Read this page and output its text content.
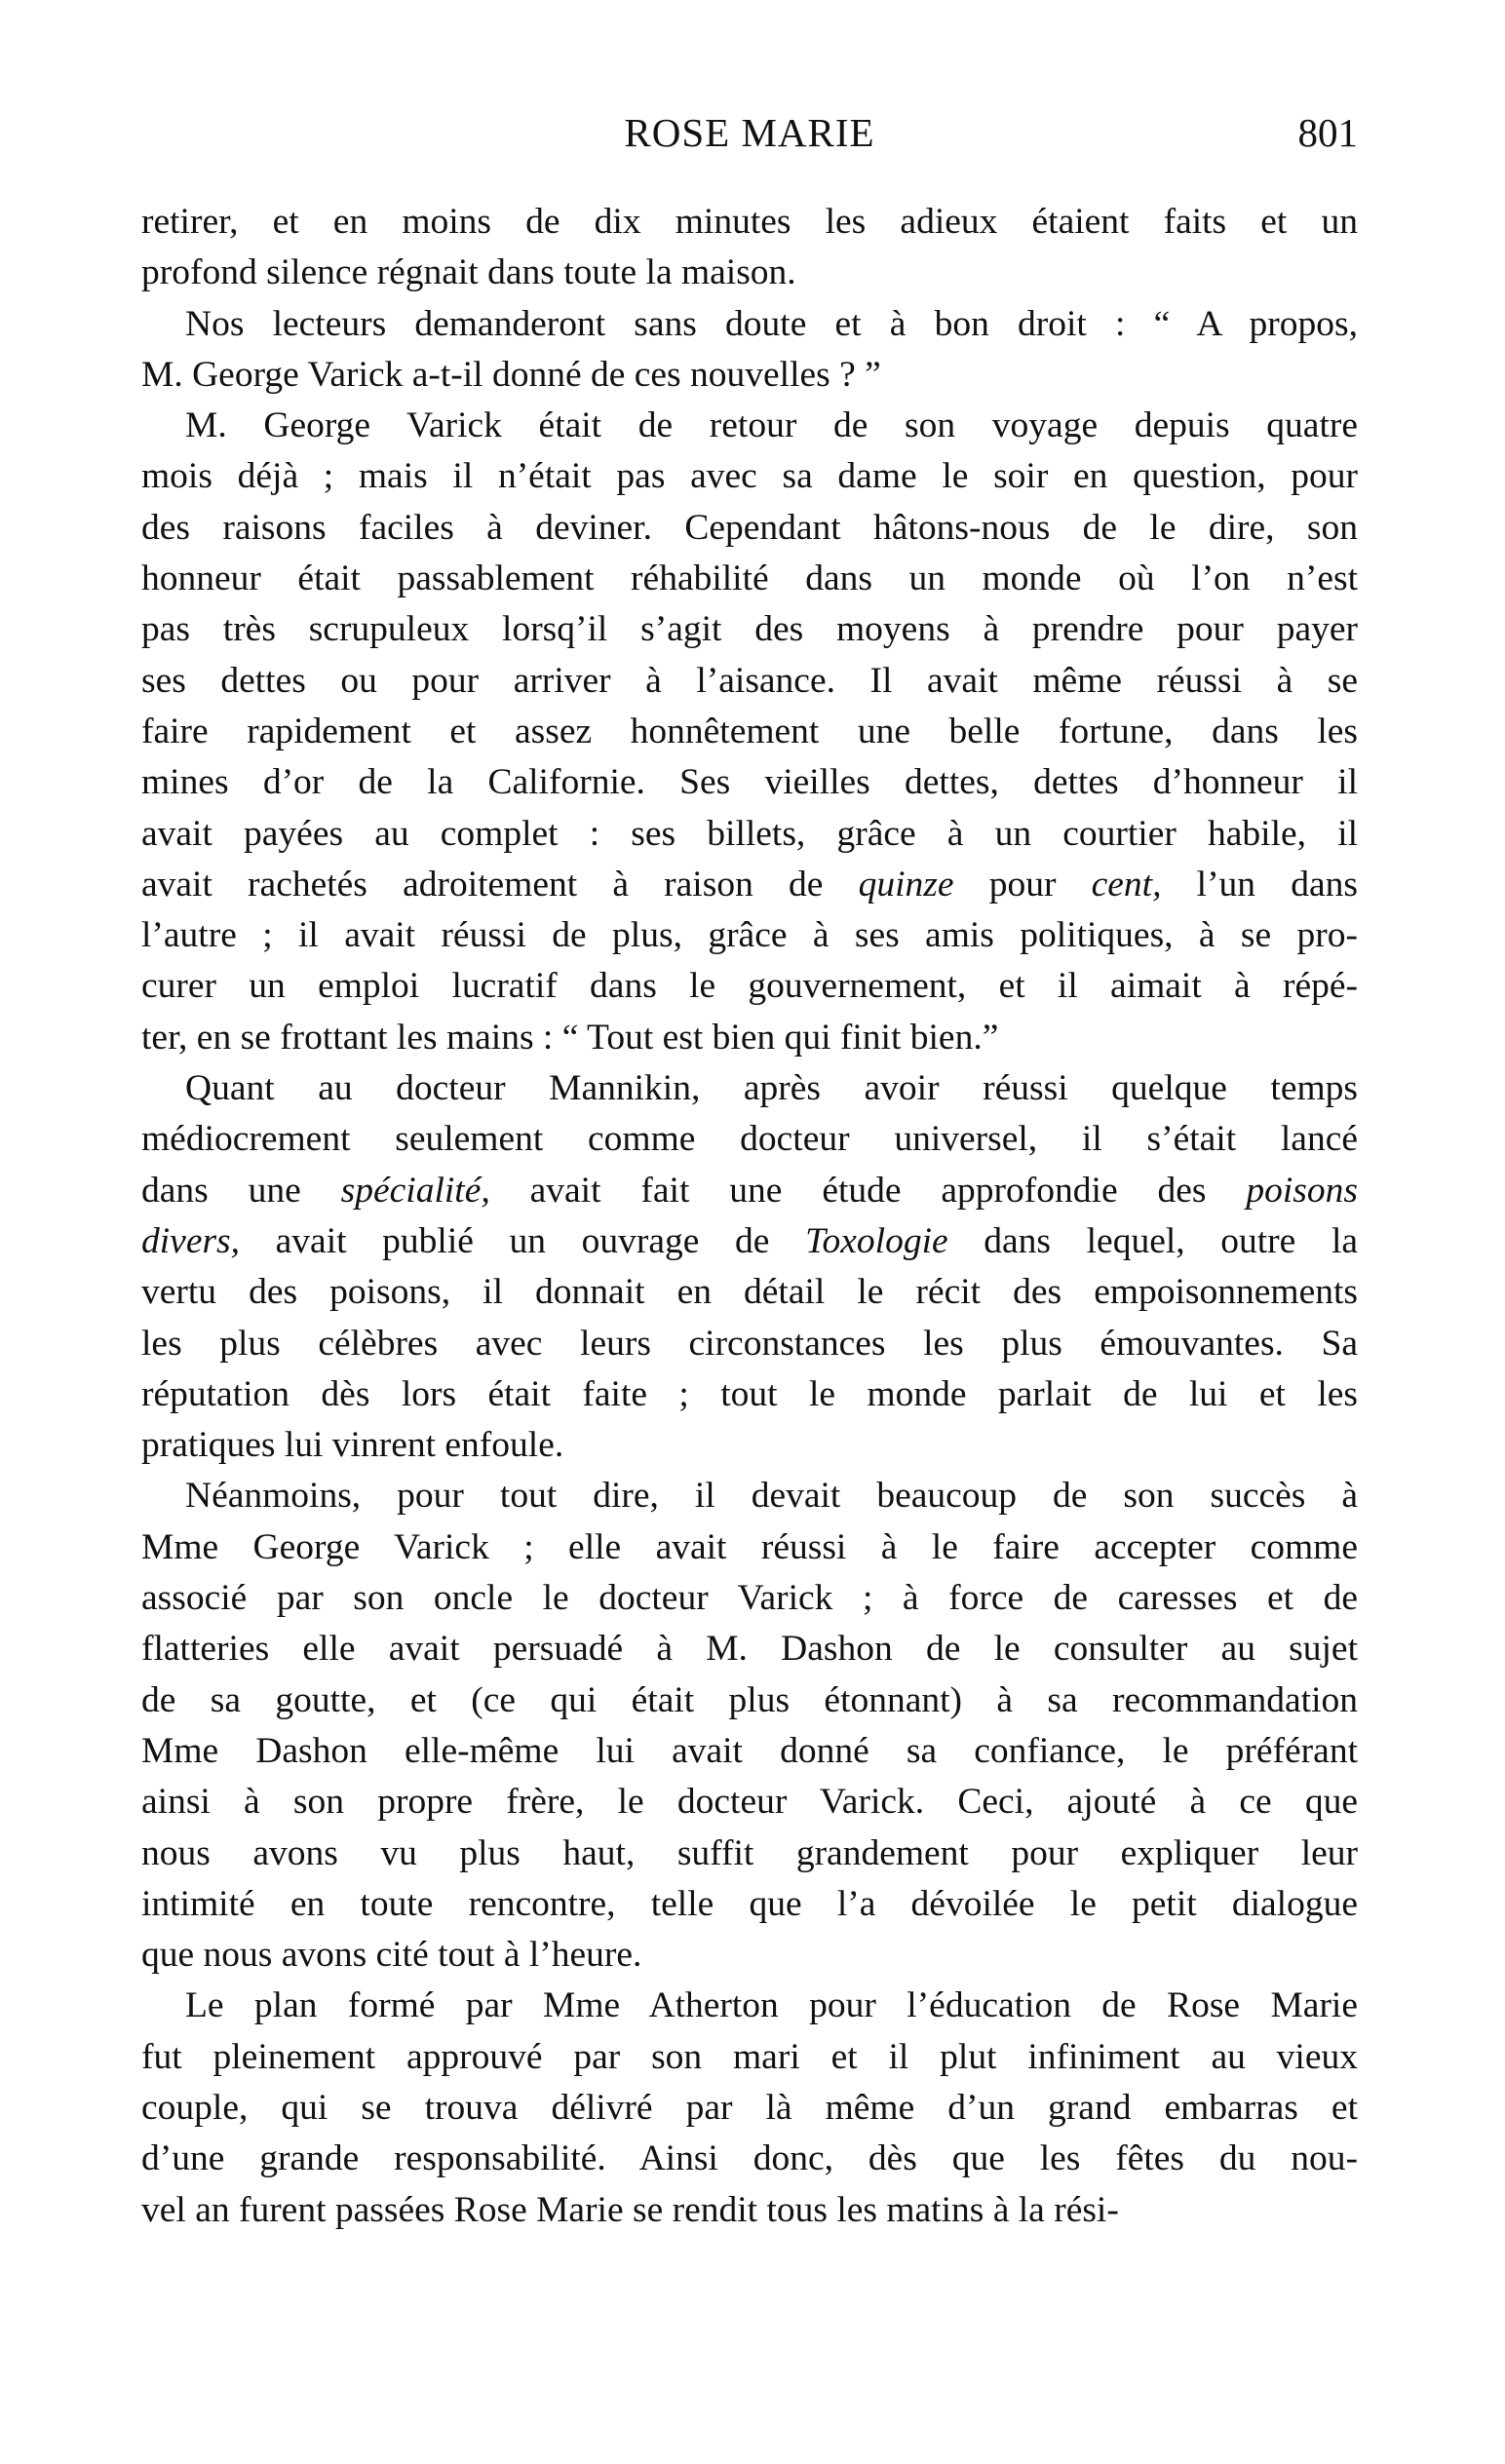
ROSE MARIE	801

retirer, et en moins de dix minutes les adieux étaient faits et un
profond silence régnait dans toute la maison.

Nos lecteurs demanderont sans doute et à bon droit : “ A propos,
M. George Varick a-t-il donné de ces nouvelles ? ”

M. George Varick était de retour de son voyage depuis quatre
mois déjà ; mais il n’était pas avec sa dame le soir en question, pour
des raisons faciles à deviner. Cependant hâtons-nous de le dire, son
honneur était passablement réhabilité dans un monde où l’on n’est
pas très scrupuleux lorsq’il s’agit des moyens à prendre pour payer
ses dettes ou pour arriver à l’aisance. Il avait même réussi à se
faire rapidement et assez honnêtement une belle fortune, dans les
mines d’or de la Californie. Ses vieilles dettes, dettes d’honneur il
avait payées au complet : ses billets, grâce à un courtier habile, il
avait rachetés adroitement à raison de quinze pour cent, l’un dans
l’autre ; il avait réussi de plus, grâce à ses amis politiques, à se pro-
curer un emploi lucratif dans le gouvernement, et il aimait à répé-
ter, en se frottant les mains : “ Tout est bien qui finit bien.”

Quant au docteur Mannikin, après avoir réussi quelque temps
médiocrement seulement comme docteur universel, il s’était lancé
dans une spécialité, avait fait une étude approfondie des poisons
divers, avait publié un ouvrage de Toxologie dans lequel, outre la
vertu des poisons, il donnait en détail le récit des empoisonnements
les plus célèbres avec leurs circonstances les plus émouvantes. Sa
réputation dès lors était faite ; tout le monde parlait de lui et les
pratiques lui vinrent enfoule.

Néanmoins, pour tout dire, il devait beaucoup de son succès à
Mme George Varick ; elle avait réussi à le faire accepter comme
associé par son oncle le docteur Varick ; à force de caresses et de
flatteries elle avait persuadé à M. Dashon de le consulter au sujet
de sa goutte, et (ce qui était plus étonnant) à sa recommandation
Mme Dashon elle-même lui avait donné sa confiance, le préférant
ainsi à son propre frère, le docteur Varick. Ceci, ajouté à ce que
nous avons vu plus haut, suffit grandement pour expliquer leur
intimité en toute rencontre, telle que l’a dévoilée le petit dialogue
que nous avons cité tout à l’heure.

Le plan formé par Mme Atherton pour l’éducation de Rose Marie
fut pleinement approuvé par son mari et il plut infiniment au vieux
couple, qui se trouva délivré par là même d’un grand embarras et
d’une grande responsabilité. Ainsi donc, dès que les fêtes du nou-
vel an furent passées Rose Marie se rendit tous les matins à la rési-
